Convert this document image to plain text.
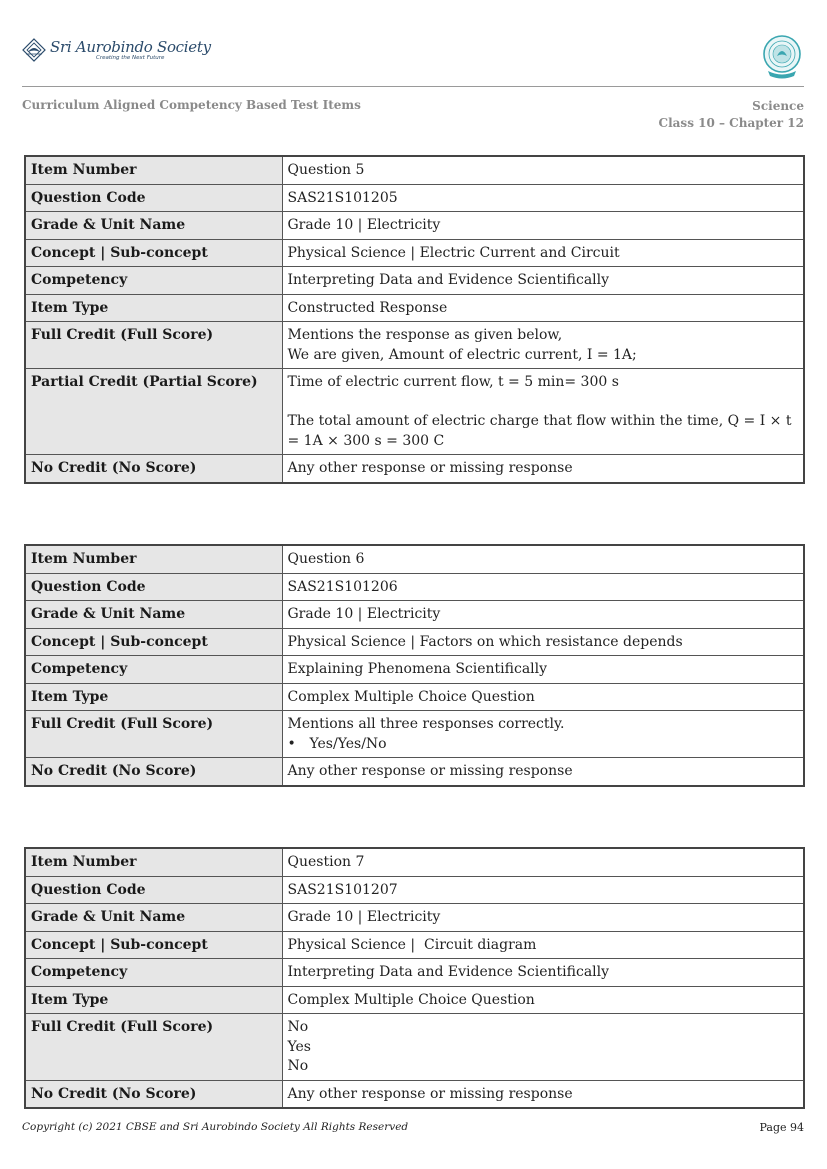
Sri Aurobindo Society
Creating the Next Future
Curriculum Aligned Competency Based Test Items	Science
Class 10 – Chapter 12
Item Number	Question 5
Question Code	SAS21S101205
Grade & Unit Name	Grade 10 | Electricity
Concept | Sub-concept	Physical Science | Electric Current and Circuit
Competency	Interpreting Data and Evidence Scientifically
Item Type	Constructed Response
Full Credit (Full Score)	Mentions the response as given below,
We are given, Amount of electric current, I = 1A;

Partial Credit (Partial Score)	Time of electric current flow, t = 5 min= 300 s
The total amount of electric charge that flow within the time, Q = I × t = 1A × 300 s = 300 C

No Credit (No Score)	Any other response or missing response
Item Number	Question 6
Question Code	SAS21S101206
Grade & Unit Name	Grade 10 | Electricity
Concept | Sub-concept	Physical Science | Factors on which resistance depends
Competency	Explaining Phenomena Scientifically
Item Type	Complex Multiple Choice Question
Full Credit (Full Score)	Mentions all three responses correctly.
• Yes/Yes/No

No Credit (No Score)	Any other response or missing response
Item Number	Question 7
Question Code	SAS21S101207
Grade & Unit Name	Grade 10 | Electricity
Concept | Sub-concept	Physical Science |  Circuit diagram
Competency	Interpreting Data and Evidence Scientifically
Item Type	Complex Multiple Choice Question
Full Credit (Full Score)	No
Yes
No

No Credit (No Score)	Any other response or missing response
Copyright (c) 2021 CBSE and Sri Aurobindo Society All Rights Reserved	Page 94
